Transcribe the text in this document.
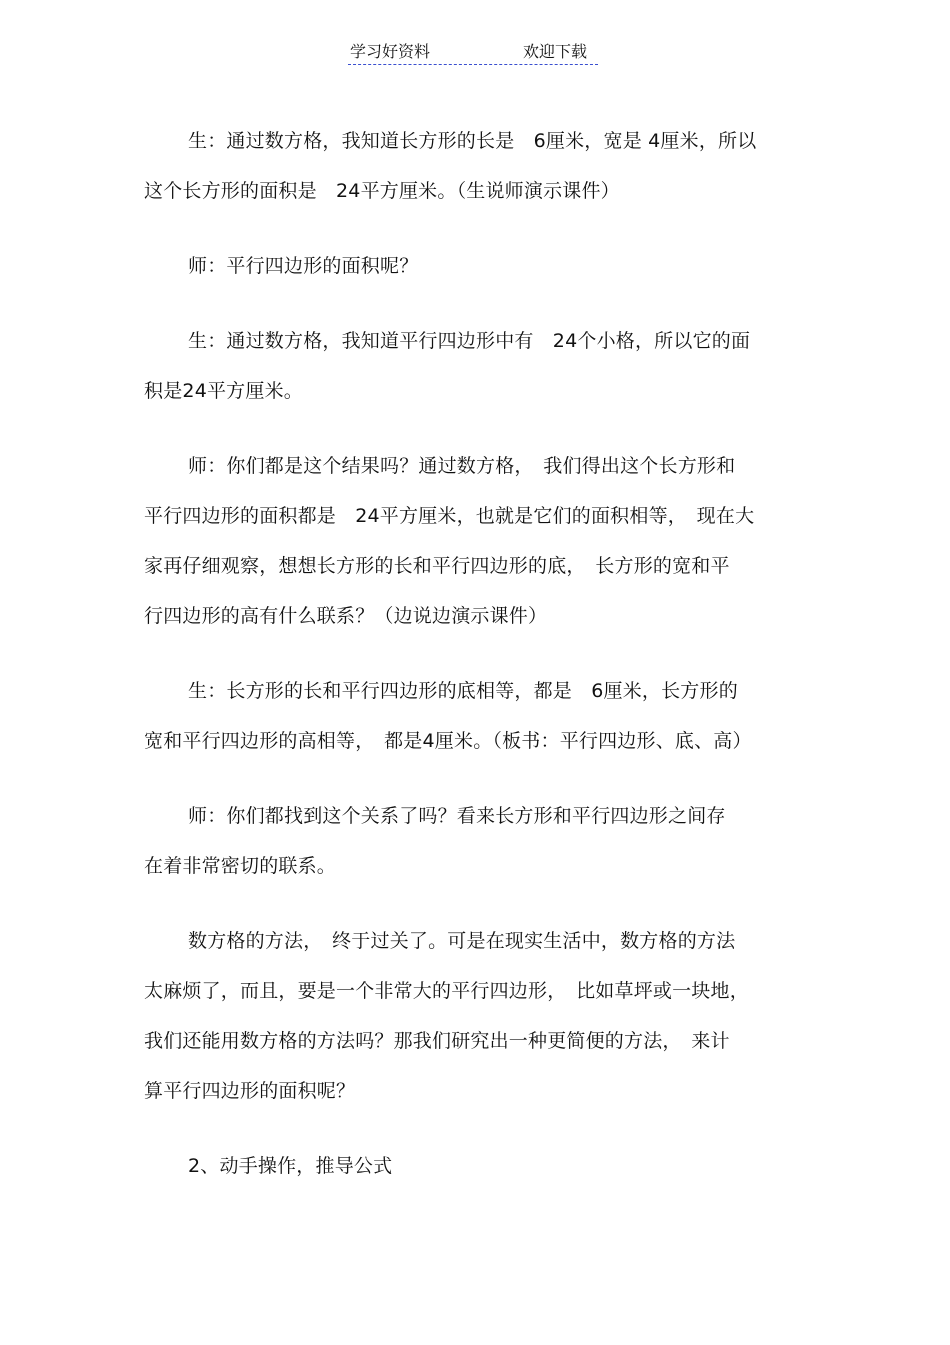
学习好资料	欢迎下载
生：通过数方格，我知道长方形的长是　6厘米，宽是 4厘米，所以
这个长方形的面积是　24平方厘米。（生说师演示课件）
师：平行四边形的面积呢？
生：通过数方格，我知道平行四边形中有　24个小格，所以它的面
积是24平方厘米。
师：你们都是这个结果吗？通过数方格，　我们得出这个长方形和
平行四边形的面积都是　24平方厘米，也就是它们的面积相等，　现在大
家再仔细观察，想想长方形的长和平行四边形的底，　长方形的宽和平
行四边形的高有什么联系？（边说边演示课件）
生：长方形的长和平行四边形的底相等，都是　6厘米，长方形的
宽和平行四边形的高相等，　都是4厘米。（板书：平行四边形、底、高）
师：你们都找到这个关系了吗？看来长方形和平行四边形之间存
在着非常密切的联系。
数方格的方法，　终于过关了。可是在现实生活中，数方格的方法
太麻烦了，而且，要是一个非常大的平行四边形，　比如草坪或一块地，
我们还能用数方格的方法吗？那我们研究出一种更简便的方法，　来计
算平行四边形的面积呢？
2、动手操作，推导公式
